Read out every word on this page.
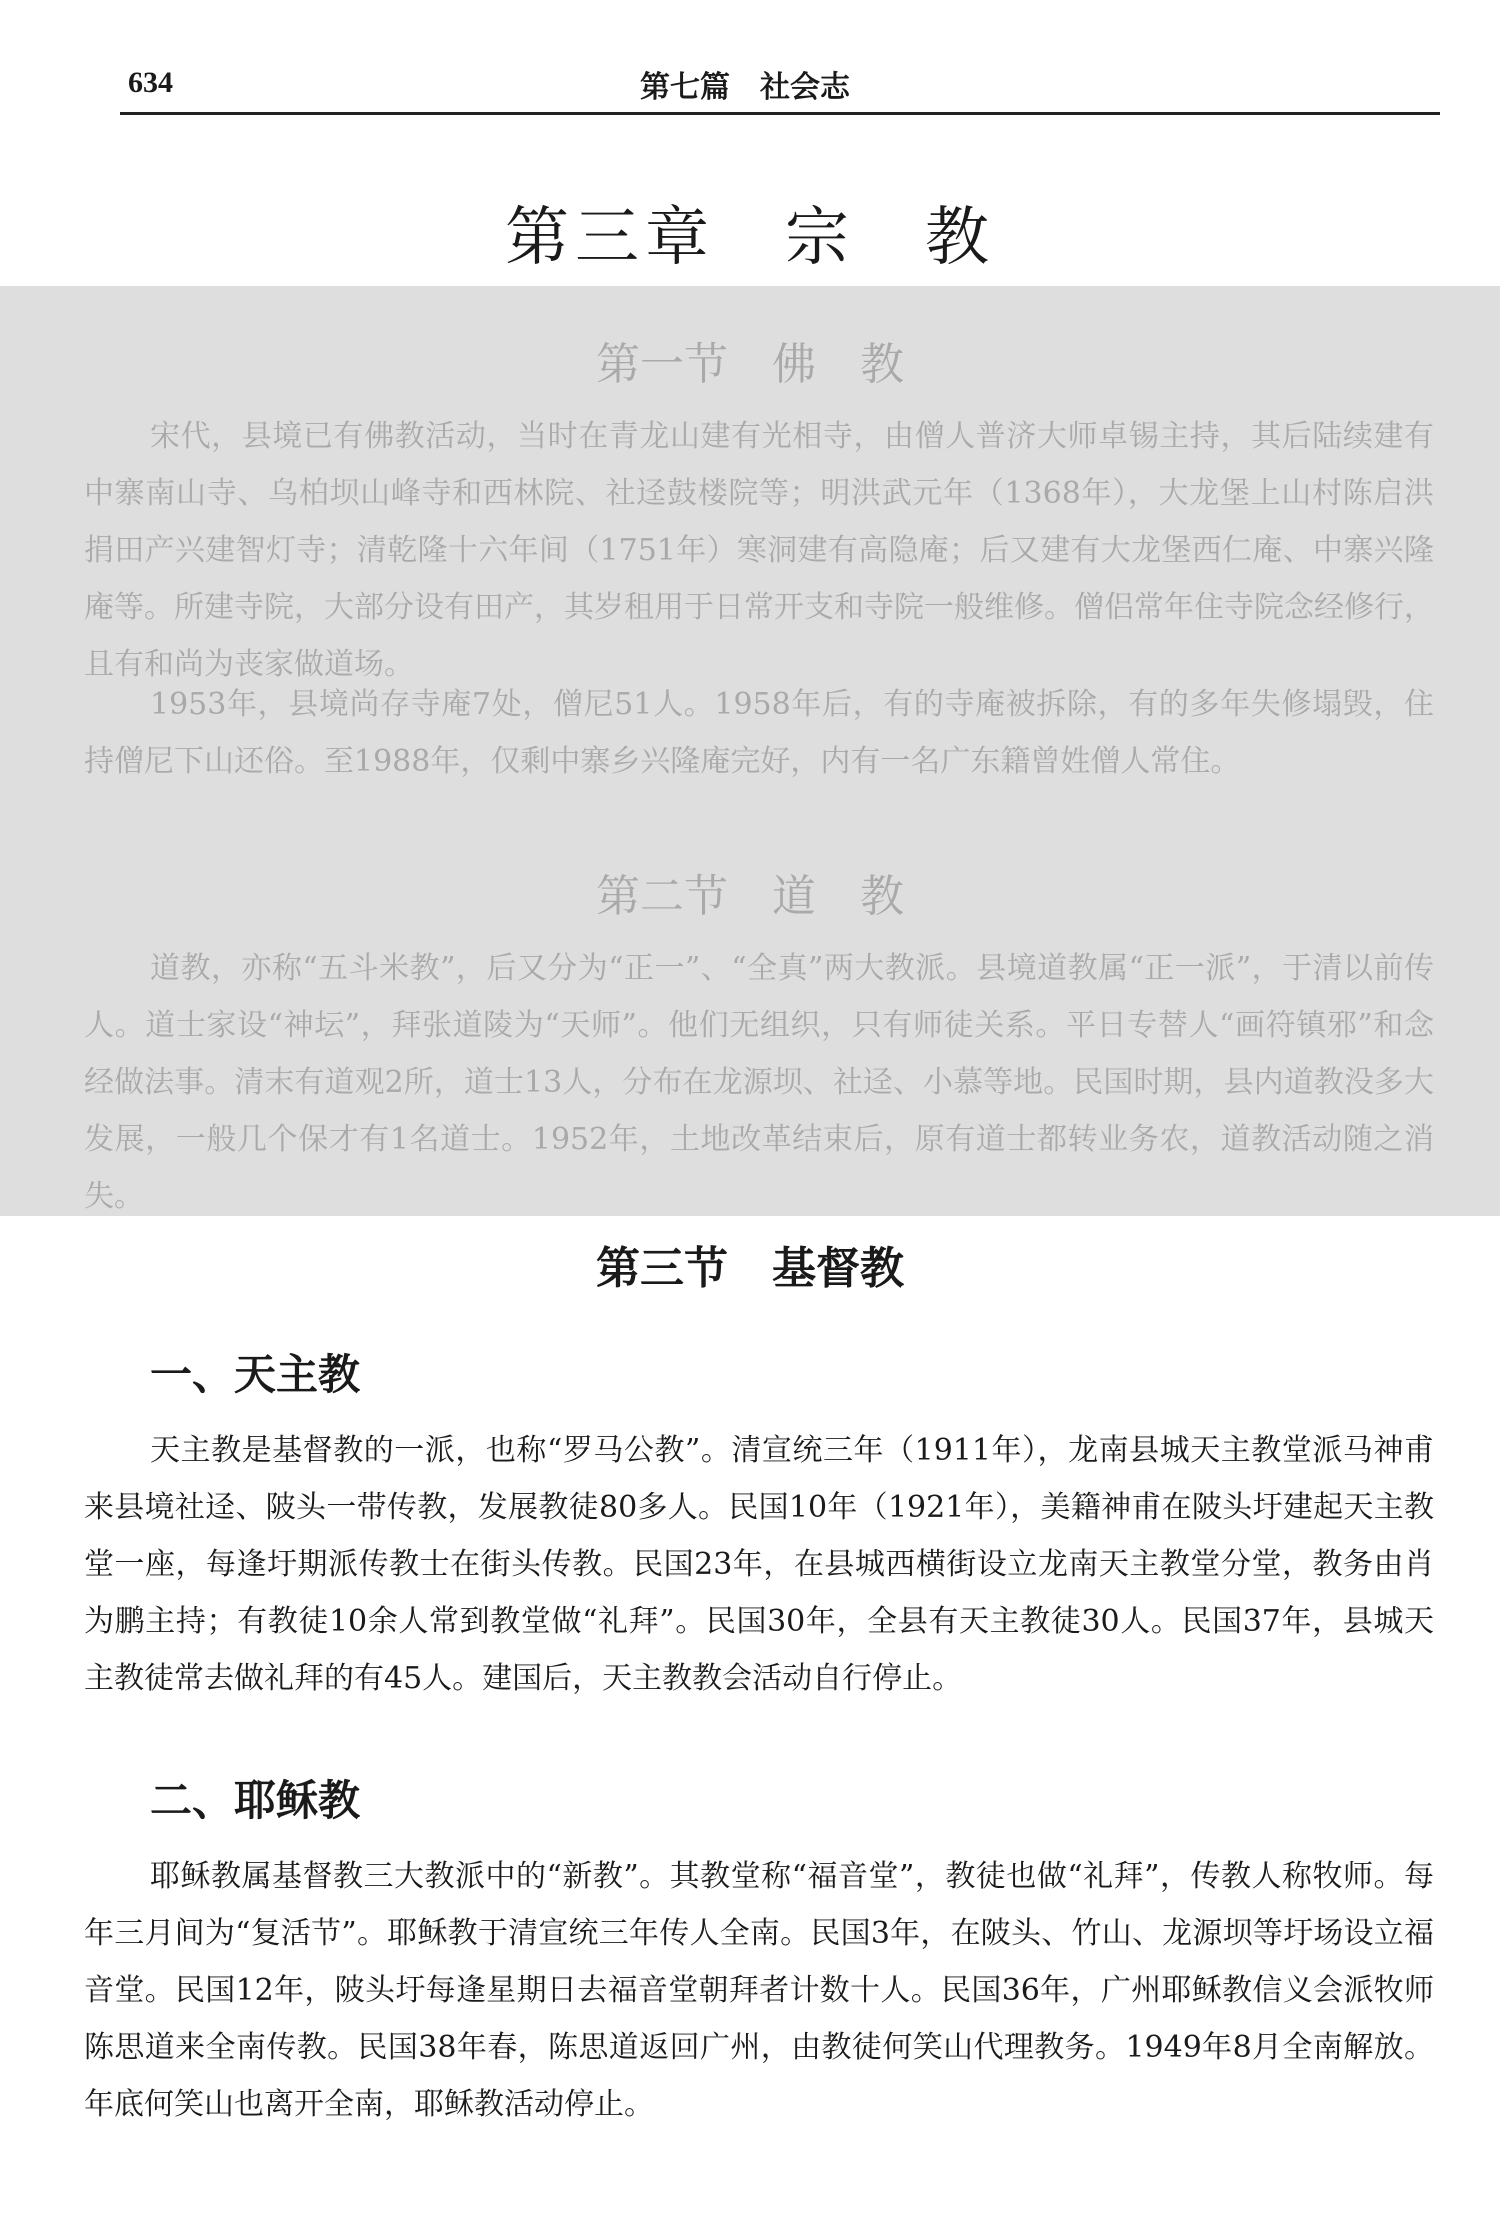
634	第七篇　社会志
第三章　宗　教
第一节　佛　教

宋代，县境已有佛教活动，当时在青龙山建有光相寺，由僧人普济大师卓锡主持，其后陆续建有中寨南山寺、乌柏坝山峰寺和西林院、社迳鼓楼院等；明洪武元年（1368年），大龙堡上山村陈启洪捐田产兴建智灯寺；清乾隆十六年间（1751年）寒洞建有高隐庵；后又建有大龙堡西仁庵、中寨兴隆庵等。所建寺院，大部分设有田产，其岁租用于日常开支和寺院一般维修。僧侣常年住寺院念经修行，且有和尚为丧家做道场。

1953年，县境尚存寺庵7处，僧尼51人。1958年后，有的寺庵被拆除，有的多年失修塌毁，住持僧尼下山还俗。至1988年，仅剩中寨乡兴隆庵完好，内有一名广东籍曾姓僧人常住。

第二节　道　教

道教，亦称“五斗米教”，后又分为“正一”、“全真”两大教派。县境道教属“正一派”，于清以前传人。道士家设“神坛”，拜张道陵为“天师”。他们无组织，只有师徒关系。平日专替人“画符镇邪”和念经做法事。清末有道观2所，道士13人，分布在龙源坝、社迳、小慕等地。民国时期，县内道教没多大发展，一般几个保才有1名道士。1952年，土地改革结束后，原有道士都转业务农，道教活动随之消失。

第三节　基督教
一、天主教

天主教是基督教的一派，也称“罗马公教”。清宣统三年（1911年），龙南县城天主教堂派马神甫来县境社迳、陂头一带传教，发展教徒80多人。民国10年（1921年），美籍神甫在陂头圩建起天主教堂一座，每逢圩期派传教士在街头传教。民国23年，在县城西横街设立龙南天主教堂分堂，教务由肖为鹏主持；有教徒10余人常到教堂做“礼拜”。民国30年，全县有天主教徒30人。民国37年，县城天主教徒常去做礼拜的有45人。建国后，天主教教会活动自行停止。

二、耶稣教

耶稣教属基督教三大教派中的“新教”。其教堂称“福音堂”，教徒也做“礼拜”，传教人称牧师。每年三月间为“复活节”。耶稣教于清宣统三年传人全南。民国3年，在陂头、竹山、龙源坝等圩场设立福音堂。民国12年，陂头圩每逢星期日去福音堂朝拜者计数十人。民国36年，广州耶稣教信义会派牧师陈思道来全南传教。民国38年春，陈思道返回广州，由教徒何笑山代理教务。1949年8月全南解放。年底何笑山也离开全南，耶稣教活动停止。
